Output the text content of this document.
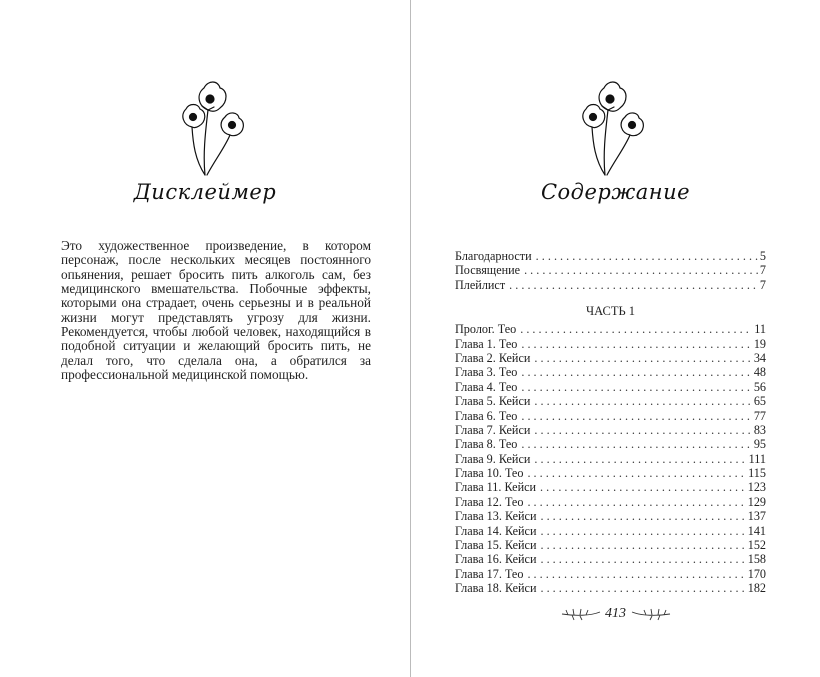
Дисклеймер
Это художественное произведение, в котором персонаж, после нескольких месяцев постоянного опьянения, решает бросить пить алкоголь сам, без медицинского вмешательства. Побочные эффекты, которыми она страдает, очень серьезны и в реальной жизни могут представлять угрозу для жизни. Рекомендуется, чтобы любой человек, находящийся в подобной ситуации и желающий бросить пить, не делал того, что сделала она, а обратился за профессиональной медицинской помощью.
Содержание
Благодарности . . .	5
Посвящение . . .	7
Плейлист . . .	7
ЧАСТЬ 1
Пролог. Тео . . .	11
Глава 1. Тео . . .	19
Глава 2. Кейси . . .	34
Глава 3. Тео . . .	48
Глава 4. Тео . . .	56
Глава 5. Кейси . . .	65
Глава 6. Тео . . .	77
Глава 7. Кейси . . .	83
Глава 8. Тео . . .	95
Глава 9. Кейси . . .	111
Глава 10. Тео . . .	115
Глава 11. Кейси . . .	123
Глава 12. Тео . . .	129
Глава 13. Кейси . . .	137
Глава 14. Кейси . . .	141
Глава 15. Кейси . . .	152
Глава 16. Кейси . . .	158
Глава 17. Тео . . .	170
Глава 18. Кейси . . .	182
413
